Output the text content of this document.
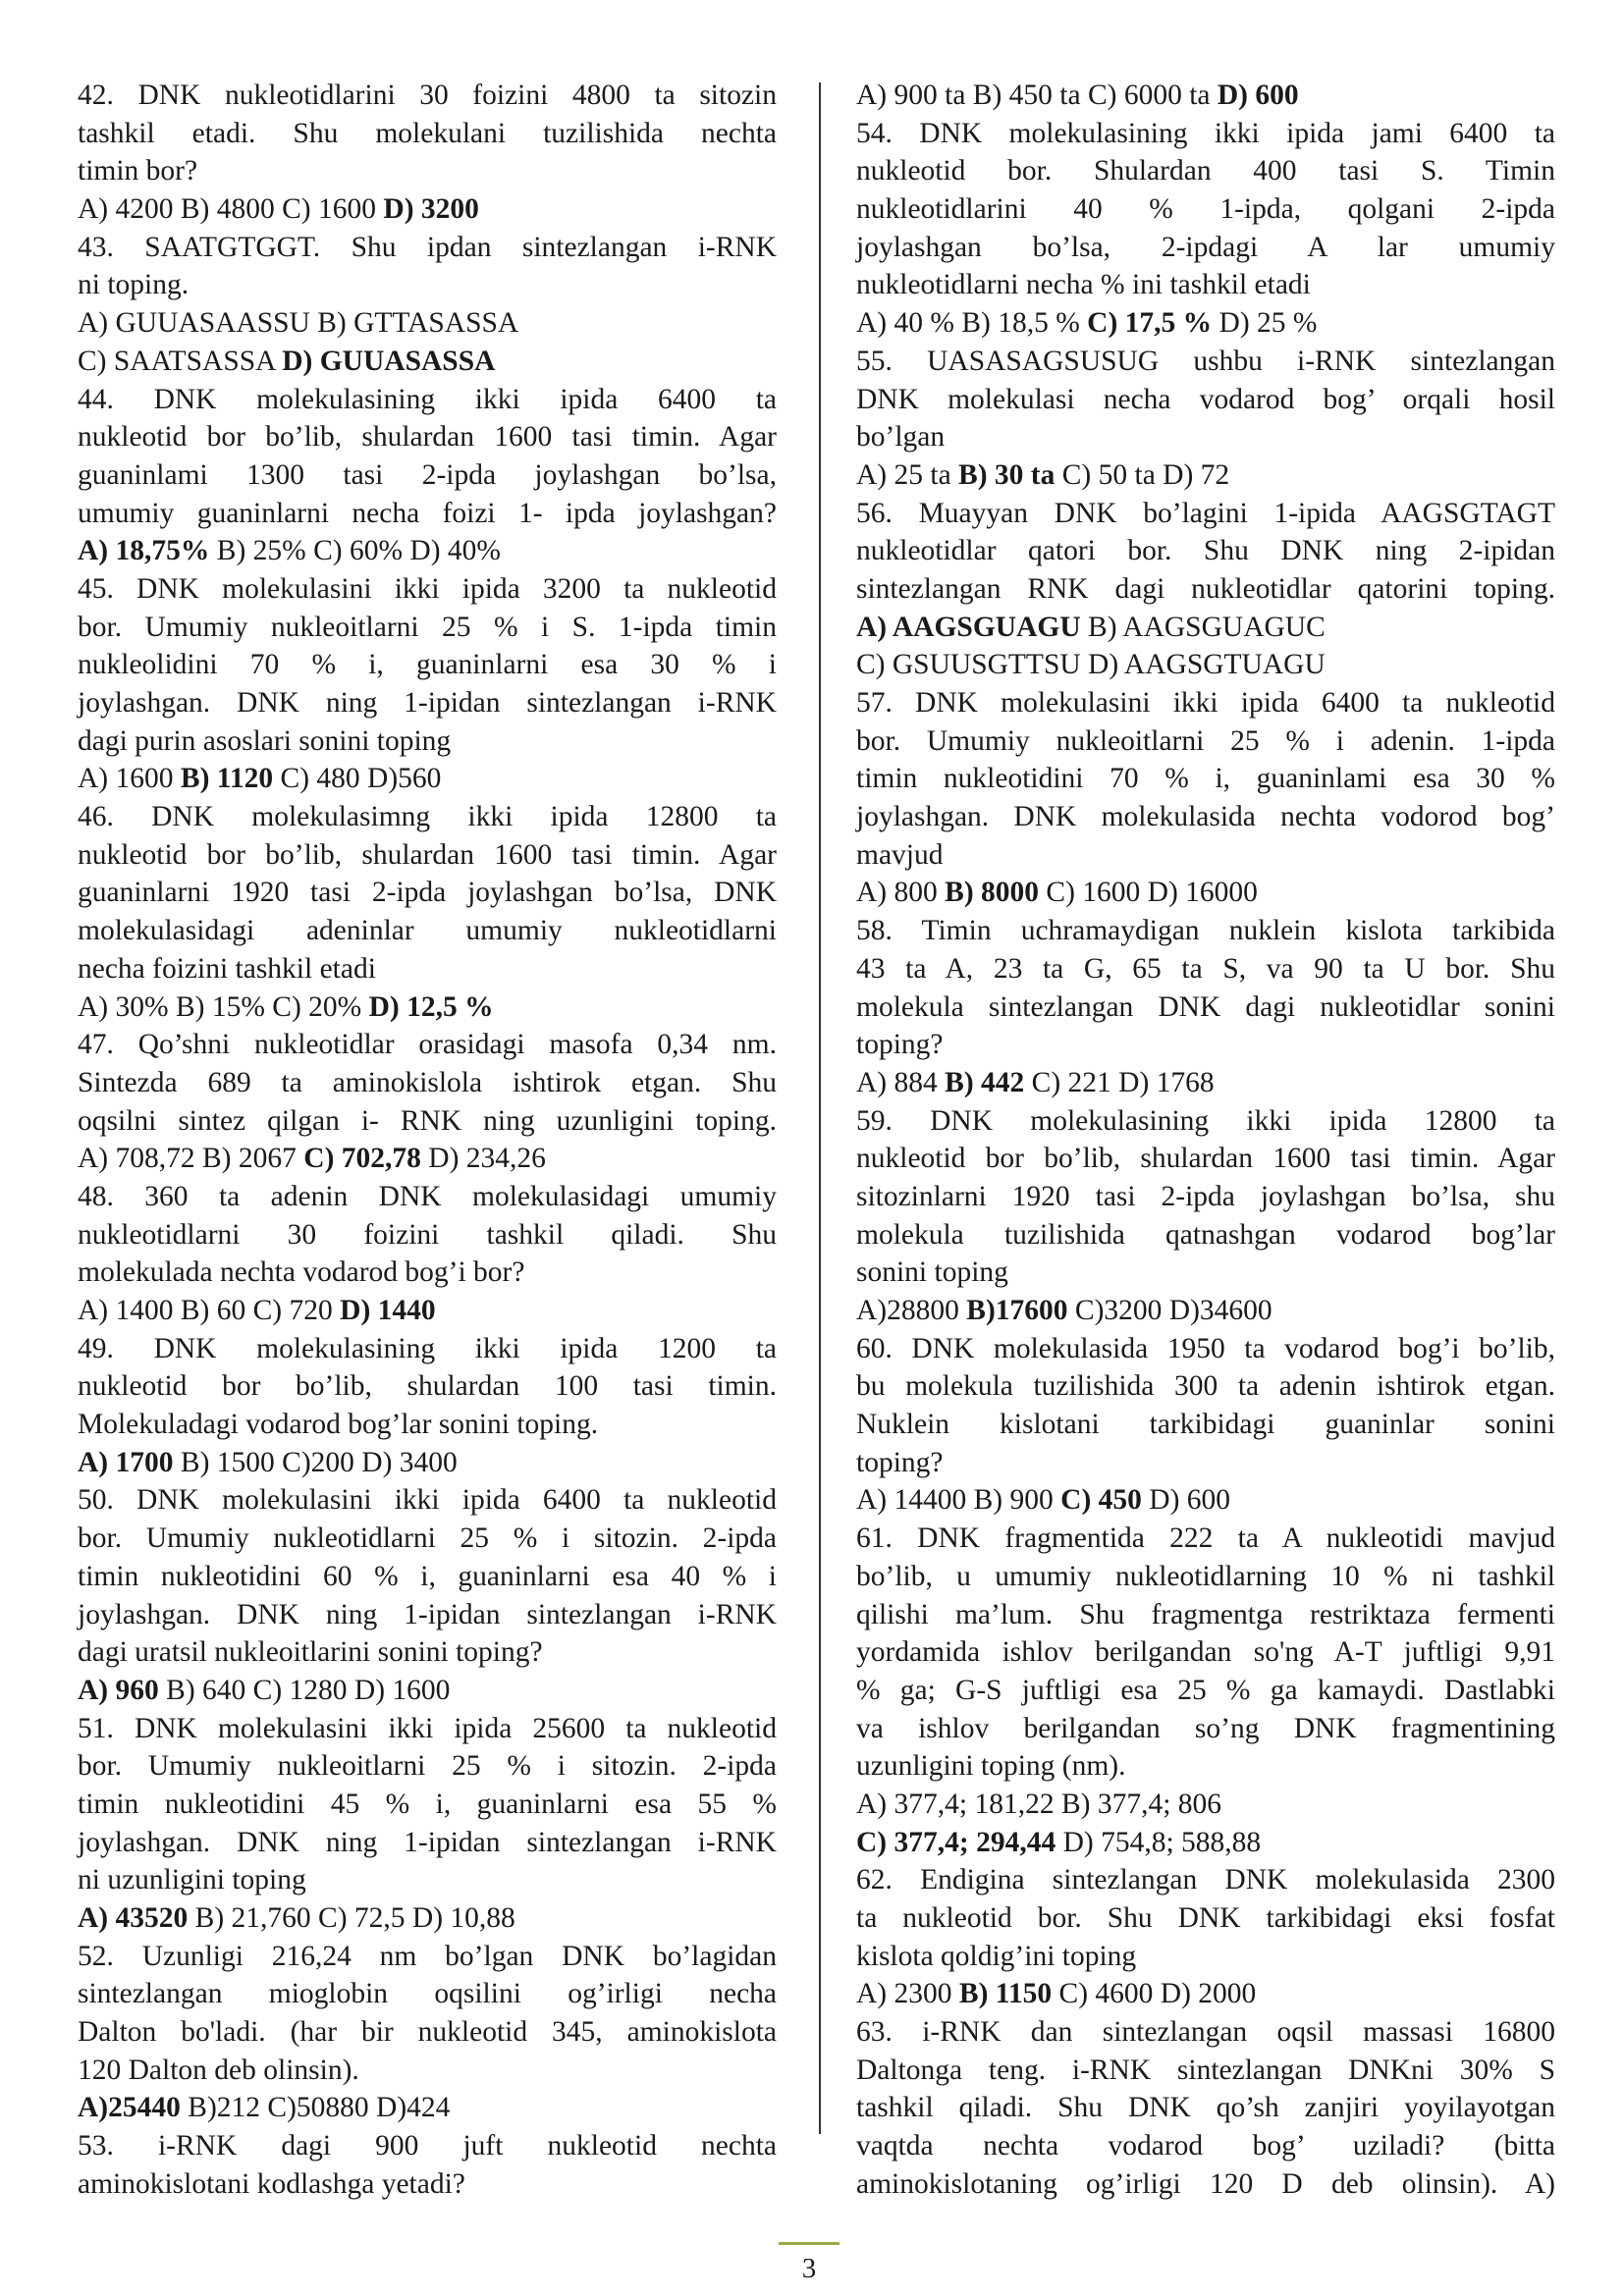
42. DNK nukleotidlarini 30 foizini 4800 ta sitozin
tashkil etadi. Shu molekulani tuzilishida nechta
timin bor?
A) 4200 B) 4800 C) 1600 D) 3200
43. SAATGTGGT. Shu ipdan sintezlangan i-RNK
ni toping.
A) GUUASAASSU B) GTTASASSA
C) SAATSASSA D) GUUASASSA
44. DNK molekulasining ikki ipida 6400 ta
nukleotid bor bo’lib, shulardan 1600 tasi timin. Agar
guaninlami 1300 tasi 2-ipda joylashgan bo’lsa,
umumiy guaninlarni necha foizi 1- ipda joylashgan?
A) 18,75% B) 25% C) 60% D) 40%
45. DNK molekulasini ikki ipida 3200 ta nukleotid
bor. Umumiy nukleoitlarni 25 % i S. 1-ipda timin
nukleolidini 70 % i, guaninlarni esa 30 % i
joylashgan. DNK ning 1-ipidan sintezlangan i-RNK
dagi purin asoslari sonini toping
A) 1600 B) 1120 C) 480 D)560
46. DNK molekulasimng ikki ipida 12800 ta
nukleotid bor bo’lib, shulardan 1600 tasi timin. Agar
guaninlarni 1920 tasi 2-ipda joylashgan bo’lsa, DNK
molekulasidagi adeninlar umumiy nukleotidlarni
necha foizini tashkil etadi
A) 30% B) 15% C) 20% D) 12,5 %
47. Qo’shni nukleotidlar orasidagi masofa 0,34 nm.
Sintezda 689 ta aminokislola ishtirok etgan. Shu
oqsilni sintez qilgan i- RNK ning uzunligini toping.
A) 708,72 B) 2067 C) 702,78 D) 234,26
48. 360 ta adenin DNK molekulasidagi umumiy
nukleotidlarni 30 foizini tashkil qiladi. Shu
molekulada nechta vodarod bog’i bor?
A) 1400 B) 60 C) 720 D) 1440
49. DNK molekulasining ikki ipida 1200 ta
nukleotid bor bo’lib, shulardan 100 tasi timin.
Molekuladagi vodarod bog’lar sonini toping.
A) 1700 B) 1500 C)200 D) 3400
50. DNK molekulasini ikki ipida 6400 ta nukleotid
bor. Umumiy nukleotidlarni 25 % i sitozin. 2-ipda
timin nukleotidini 60 % i, guaninlarni esa 40 % i
joylashgan. DNK ning 1-ipidan sintezlangan i-RNK
dagi uratsil nukleoitlarini sonini toping?
A) 960 B) 640 C) 1280 D) 1600
51. DNK molekulasini ikki ipida 25600 ta nukleotid
bor. Umumiy nukleoitlarni 25 % i sitozin. 2-ipda
timin nukleotidini 45 % i, guaninlarni esa 55 %
joylashgan. DNK ning 1-ipidan sintezlangan i-RNK
ni uzunligini toping
A) 43520 B) 21,760 C) 72,5 D) 10,88
52. Uzunligi 216,24 nm bo’lgan DNK bo’lagidan
sintezlangan mioglobin oqsilini og’irligi necha
Dalton bo'ladi. (har bir nukleotid 345, aminokislota
120 Dalton deb olinsin).
A)25440 B)212 C)50880 D)424
53. i-RNK dagi 900 juft nukleotid nechta
aminokislotani kodlashga yetadi?
A) 900 ta B) 450 ta C) 6000 ta D) 600
54. DNK molekulasining ikki ipida jami 6400 ta
nukleotid bor. Shulardan 400 tasi S. Timin
nukleotidlarini 40 % 1-ipda, qolgani 2-ipda
joylashgan bo’lsa, 2-ipdagi A lar umumiy
nukleotidlarni necha % ini tashkil etadi
A) 40 % B) 18,5 % C) 17,5 % D) 25 %
55. UASASAGSUSUG ushbu i-RNK sintezlangan
DNK molekulasi necha vodarod bog’ orqali hosil
bo’lgan
A) 25 ta B) 30 ta C) 50 ta D) 72
56. Muayyan DNK bo’lagini 1-ipida AAGSGTAGT
nukleotidlar qatori bor. Shu DNK ning 2-ipidan
sintezlangan RNK dagi nukleotidlar qatorini toping.
A) AAGSGUAGU B) AAGSGUAGUC
C) GSUUSGTTSU D) AAGSGTUAGU
57. DNK molekulasini ikki ipida 6400 ta nukleotid
bor. Umumiy nukleoitlarni 25 % i adenin. 1-ipda
timin nukleotidini 70 % i, guaninlami esa 30 %
joylashgan. DNK molekulasida nechta vodorod bog’
mavjud
A) 800 B) 8000 C) 1600 D) 16000
58. Timin uchramaydigan nuklein kislota tarkibida
43 ta A, 23 ta G, 65 ta S, va 90 ta U bor. Shu
molekula sintezlangan DNK dagi nukleotidlar sonini
toping?
A) 884 B) 442 C) 221 D) 1768
59. DNK molekulasining ikki ipida 12800 ta
nukleotid bor bo’lib, shulardan 1600 tasi timin. Agar
sitozinlarni 1920 tasi 2-ipda joylashgan bo’lsa, shu
molekula tuzilishida qatnashgan vodarod bog’lar
sonini toping
A)28800 B)17600 C)3200 D)34600
60. DNK molekulasida 1950 ta vodarod bog’i bo’lib,
bu molekula tuzilishida 300 ta adenin ishtirok etgan.
Nuklein kislotani tarkibidagi guaninlar sonini
toping?
A) 14400 B) 900 C) 450 D) 600
61. DNK fragmentida 222 ta A nukleotidi mavjud
bo’lib, u umumiy nukleotidlarning 10 % ni tashkil
qilishi ma’lum. Shu fragmentga restriktaza fermenti
yordamida ishlov berilgandan so'ng A-T juftligi 9,91
% ga; G-S juftligi esa 25 % ga kamaydi. Dastlabki
va ishlov berilgandan so’ng DNK fragmentining
uzunligini toping (nm).
A) 377,4; 181,22 B) 377,4; 806
C) 377,4; 294,44 D) 754,8; 588,88
62. Endigina sintezlangan DNK molekulasida 2300
ta nukleotid bor. Shu DNK tarkibidagi eksi fosfat
kislota qoldig’ini toping
A) 2300 B) 1150 C) 4600 D) 2000
63. i-RNK dan sintezlangan oqsil massasi 16800
Daltonga teng. i-RNK sintezlangan DNKni 30% S
tashkil qiladi. Shu DNK qo’sh zanjiri yoyilayotgan
vaqtda nechta vodarod bog’ uziladi? (bitta
aminokislotaning og’irligi 120 D deb olinsin). A)
3
